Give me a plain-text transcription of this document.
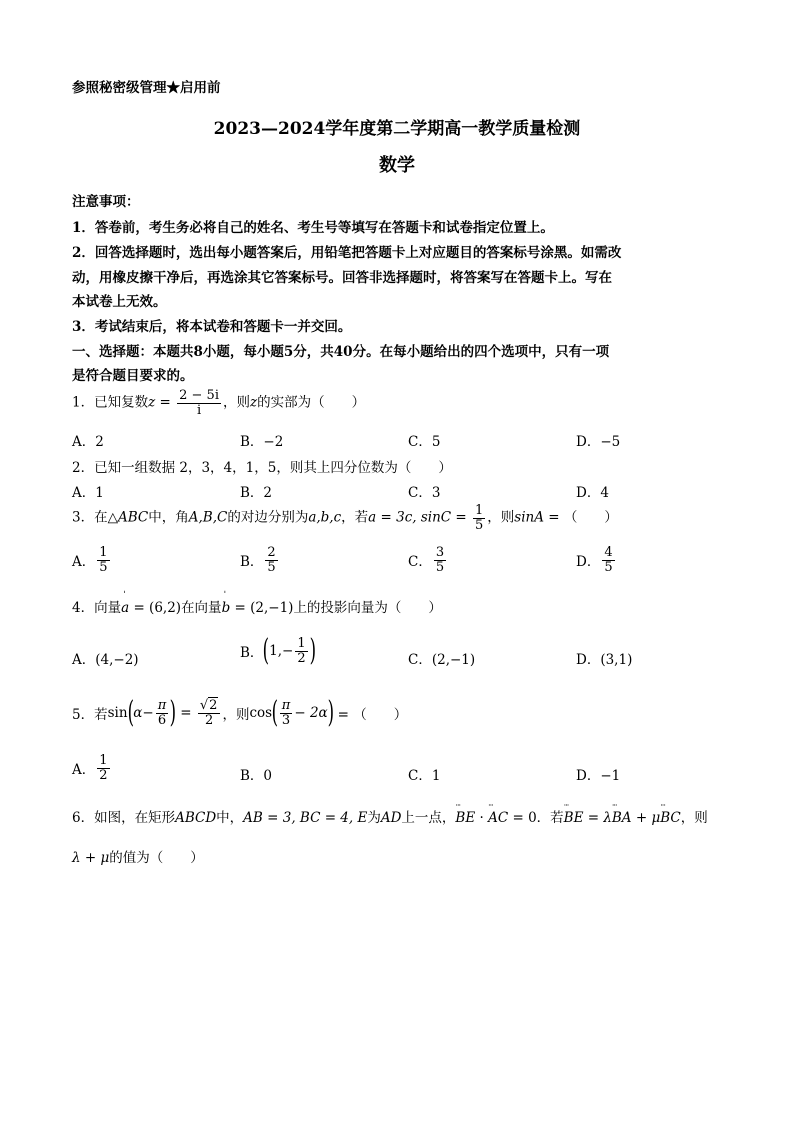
参照秘密级管理★启用前
2023—2024学年度第二学期高一教学质量检测
数学
注意事项：
1．答卷前，考生务必将自己的姓名、考生号等填写在答题卡和试卷指定位置上。
2．回答选择题时，选出每小题答案后，用铅笔把答题卡上对应题目的答案标号涂黑。如需改
动，用橡皮擦干净后，再选涂其它答案标号。回答非选择题时，将答案写在答题卡上。写在
本试卷上无效。
3．考试结束后，将本试卷和答题卡一并交回。
一、选择题：本题共8小题，每小题5分，共40分。在每小题给出的四个选项中，只有一项
是符合题目要求的。
1．已知复数$z = \frac{2 - 5i}{i}$ ，则z的实部为（　　）
A．2	B．−2	C．5	D．−5
2．已知一组数据 2，3，4，1，5，则其上四分位数为（　　）
A．1	B．2	C．3	D．4
3．在△ABC中，角A,B,C的对边分别为a,b,c，若a = 3c, $\sin C = \frac{1}{5}$ ，则sinA = （　　）
A． $\frac{1}{5}$	B． $\frac{2}{5}$	C． $\frac{3}{5}$	D． $\frac{4}{5}$
4．向量ˈ a = (6,2)在向量ˈ b = (2,−1)上的投影向量为（　　）
A．(4,−2)	B．($1,- \frac{1}{2}$ )	C．(2,−1)	D．(3,1)
5．若$\sin(\alpha- \frac{\pi}{6}$ ) = $\frac{√2}{2}$ ，则$\cos( \frac{\pi}{3} - 2\alpha)$ = （　　）
A． $\frac{1}{2}$	B．0	C．1	D．−1
6．如图，在矩形ABCD中，AB = 3, BC = 4, E为AD上一点，··· BE · ··· AC = 0．若··· BE = λ··· BA + μ··· BC，则
λ + μ的值为（　　）
